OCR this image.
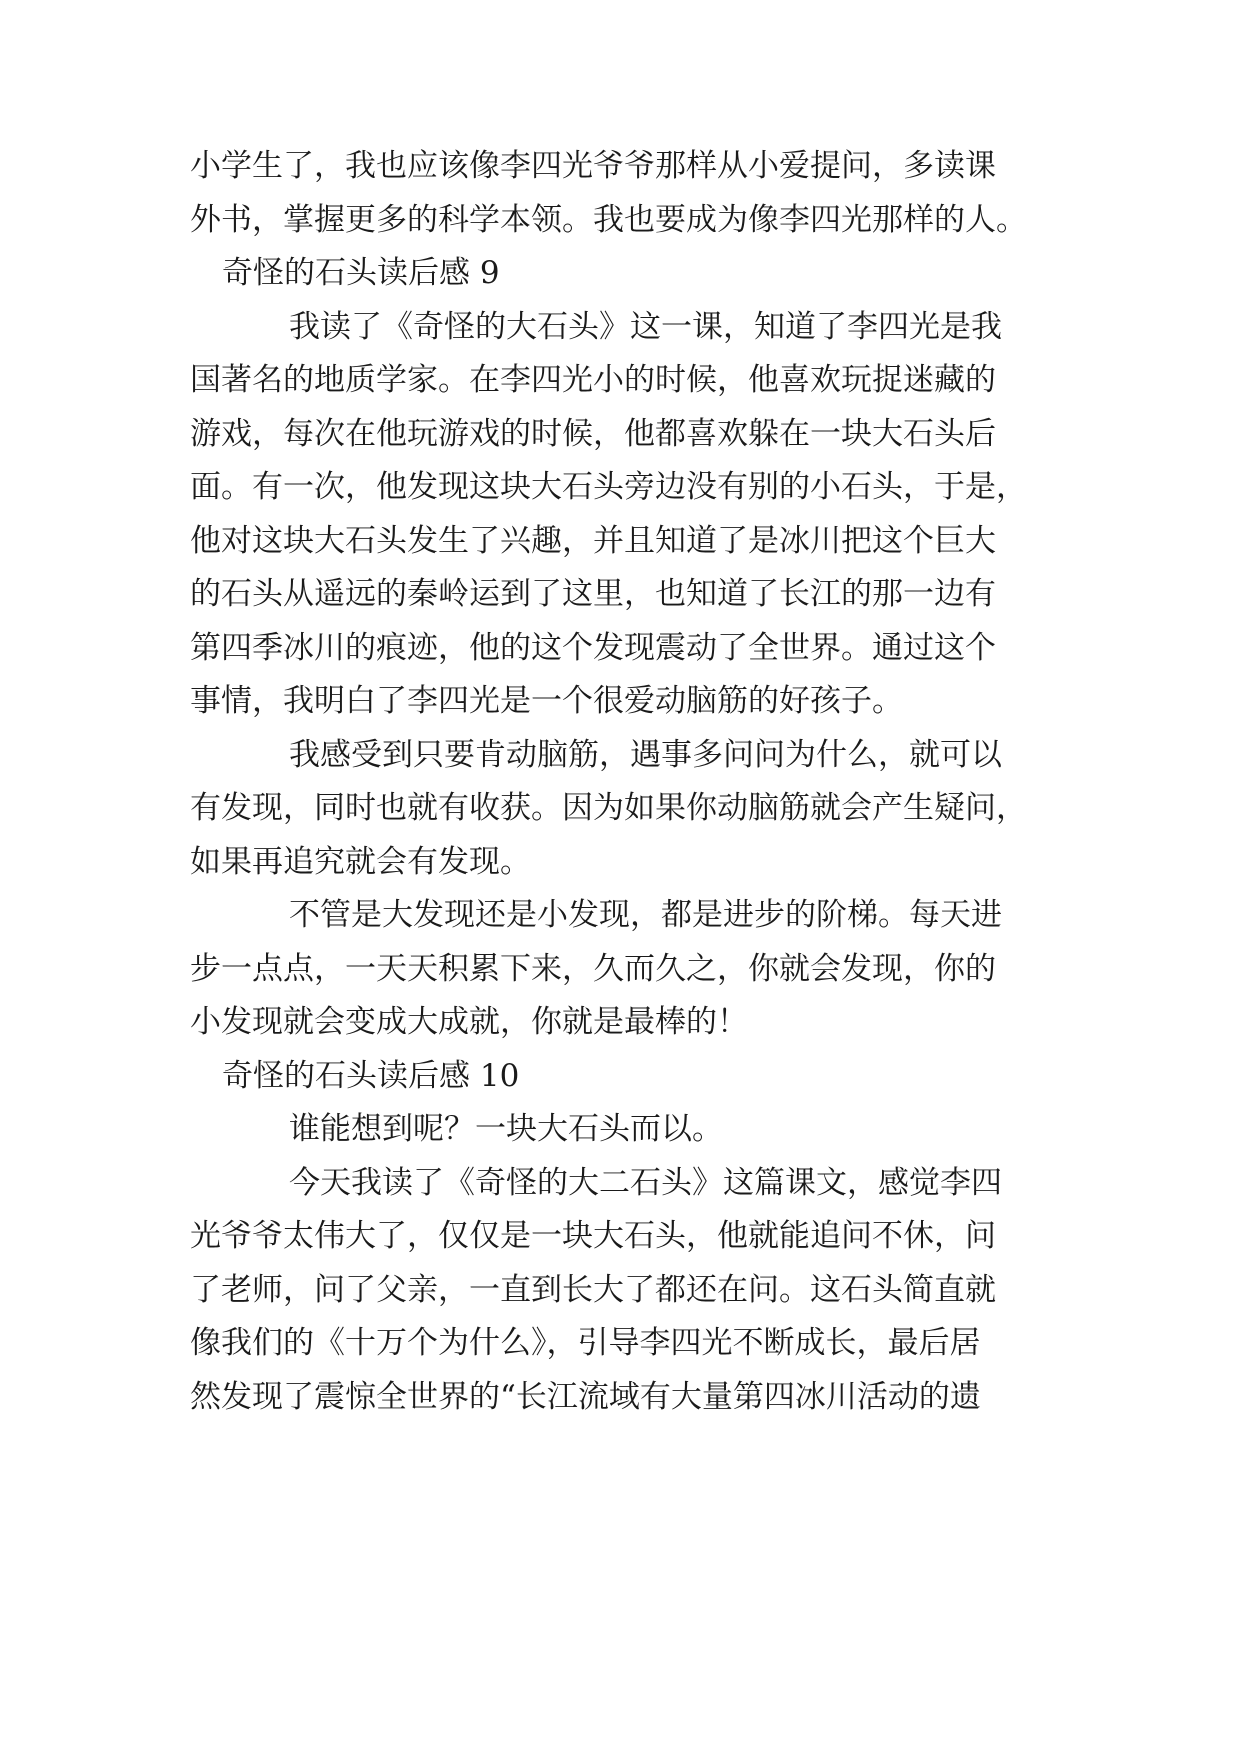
小学生了，我也应该像李四光爷爷那样从小爱提问，多读课
外书，掌握更多的科学本领。我也要成为像李四光那样的人。
奇怪的石头读后感 9
我读了《奇怪的大石头》这一课，知道了李四光是我
国著名的地质学家。在李四光小的时候，他喜欢玩捉迷藏的
游戏，每次在他玩游戏的时候，他都喜欢躲在一块大石头后
面。有一次，他发现这块大石头旁边没有别的小石头，于是，
他对这块大石头发生了兴趣，并且知道了是冰川把这个巨大
的石头从遥远的秦岭运到了这里，也知道了长江的那一边有
第四季冰川的痕迹，他的这个发现震动了全世界。通过这个
事情，我明白了李四光是一个很爱动脑筋的好孩子。
我感受到只要肯动脑筋，遇事多问问为什么，就可以
有发现，同时也就有收获。因为如果你动脑筋就会产生疑问，
如果再追究就会有发现。
不管是大发现还是小发现，都是进步的阶梯。每天进
步一点点，一天天积累下来，久而久之，你就会发现，你的
小发现就会变成大成就，你就是最棒的！
奇怪的石头读后感 10
谁能想到呢？一块大石头而以。
今天我读了《奇怪的大二石头》这篇课文，感觉李四
光爷爷太伟大了，仅仅是一块大石头，他就能追问不休，问
了老师，问了父亲，一直到长大了都还在问。这石头简直就
像我们的《十万个为什么》，引导李四光不断成长，最后居
然发现了震惊全世界的“长江流域有大量第四冰川活动的遗
